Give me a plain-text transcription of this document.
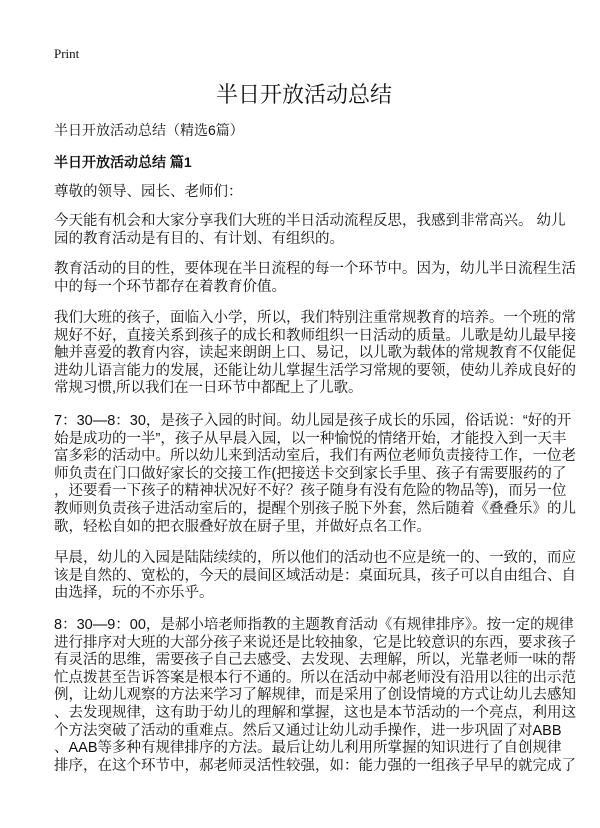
Print
半日开放活动总结
半日开放活动总结（精选6篇）
半日开放活动总结 篇1
尊敬的领导、园长、老师们：
今天能有机会和大家分享我们大班的半日活动流程反思，我感到非常高兴。 幼儿
园的教育活动是有目的、有计划、有组织的。
教育活动的目的性，要体现在半日流程的每一个环节中。因为，幼儿半日流程生活
中的每一个环节都存在着教育价值。
我们大班的孩子，面临入小学，所以，我们特别注重常规教育的培养。一个班的常
规好不好，直接关系到孩子的成长和教师组织一日活动的质量。儿歌是幼儿最早接
触并喜爱的教育内容，读起来朗朗上口、易记，以儿歌为载体的常规教育不仅能促
进幼儿语言能力的发展，还能让幼儿掌握生活学习常规的要领，使幼儿养成良好的
常规习惯,所以我们在一日环节中都配上了儿歌。
7：30—8：30，是孩子入园的时间。幼儿园是孩子成长的乐园，俗话说：“好的开
始是成功的一半”，孩子从早晨入园，以一种愉悦的情绪开始，才能投入到一天丰
富多彩的活动中。所以幼儿来到活动室后，我们有两位老师负责接待工作，一位老
师负责在门口做好家长的交接工作(把接送卡交到家长手里、孩子有需要服药的了
，还要看一下孩子的精神状况好不好？孩子随身有没有危险的物品等)，而另一位
教师则负责孩子进活动室后的，提醒个别孩子脱下外套，然后随着《叠叠乐》的儿
歌，轻松自如的把衣服叠好放在厨子里，并做好点名工作。
早晨，幼儿的入园是陆陆续续的，所以他们的活动也不应是统一的、一致的，而应
该是自然的、宽松的，今天的晨间区域活动是：桌面玩具，孩子可以自由组合、自
由选择，玩的不亦乐乎。
8：30—9：00，是郝小培老师指教的主题教育活动《有规律排序》。按一定的规律
进行排序对大班的大部分孩子来说还是比较抽象，它是比较意识的东西，要求孩子
有灵活的思维，需要孩子自己去感受、去发现、去理解，所以，光靠老师一味的帮
忙点拨甚至告诉答案是根本行不通的。所以在活动中郝老师没有沿用以往的出示范
例，让幼儿观察的方法来学习了解规律，而是采用了创设情境的方式让幼儿去感知
、去发现规律，这有助于幼儿的理解和掌握，这也是本节活动的一个亮点，利用这
个方法突破了活动的重难点。然后又通过让幼儿动手操作，进一步巩固了对ABB
、AAB等多种有规律排序的方法。最后让幼儿利用所掌握的知识进行了自创规律
排序，在这个环节中，郝老师灵活性较强，如：能力强的一组孩子早早的就完成了
